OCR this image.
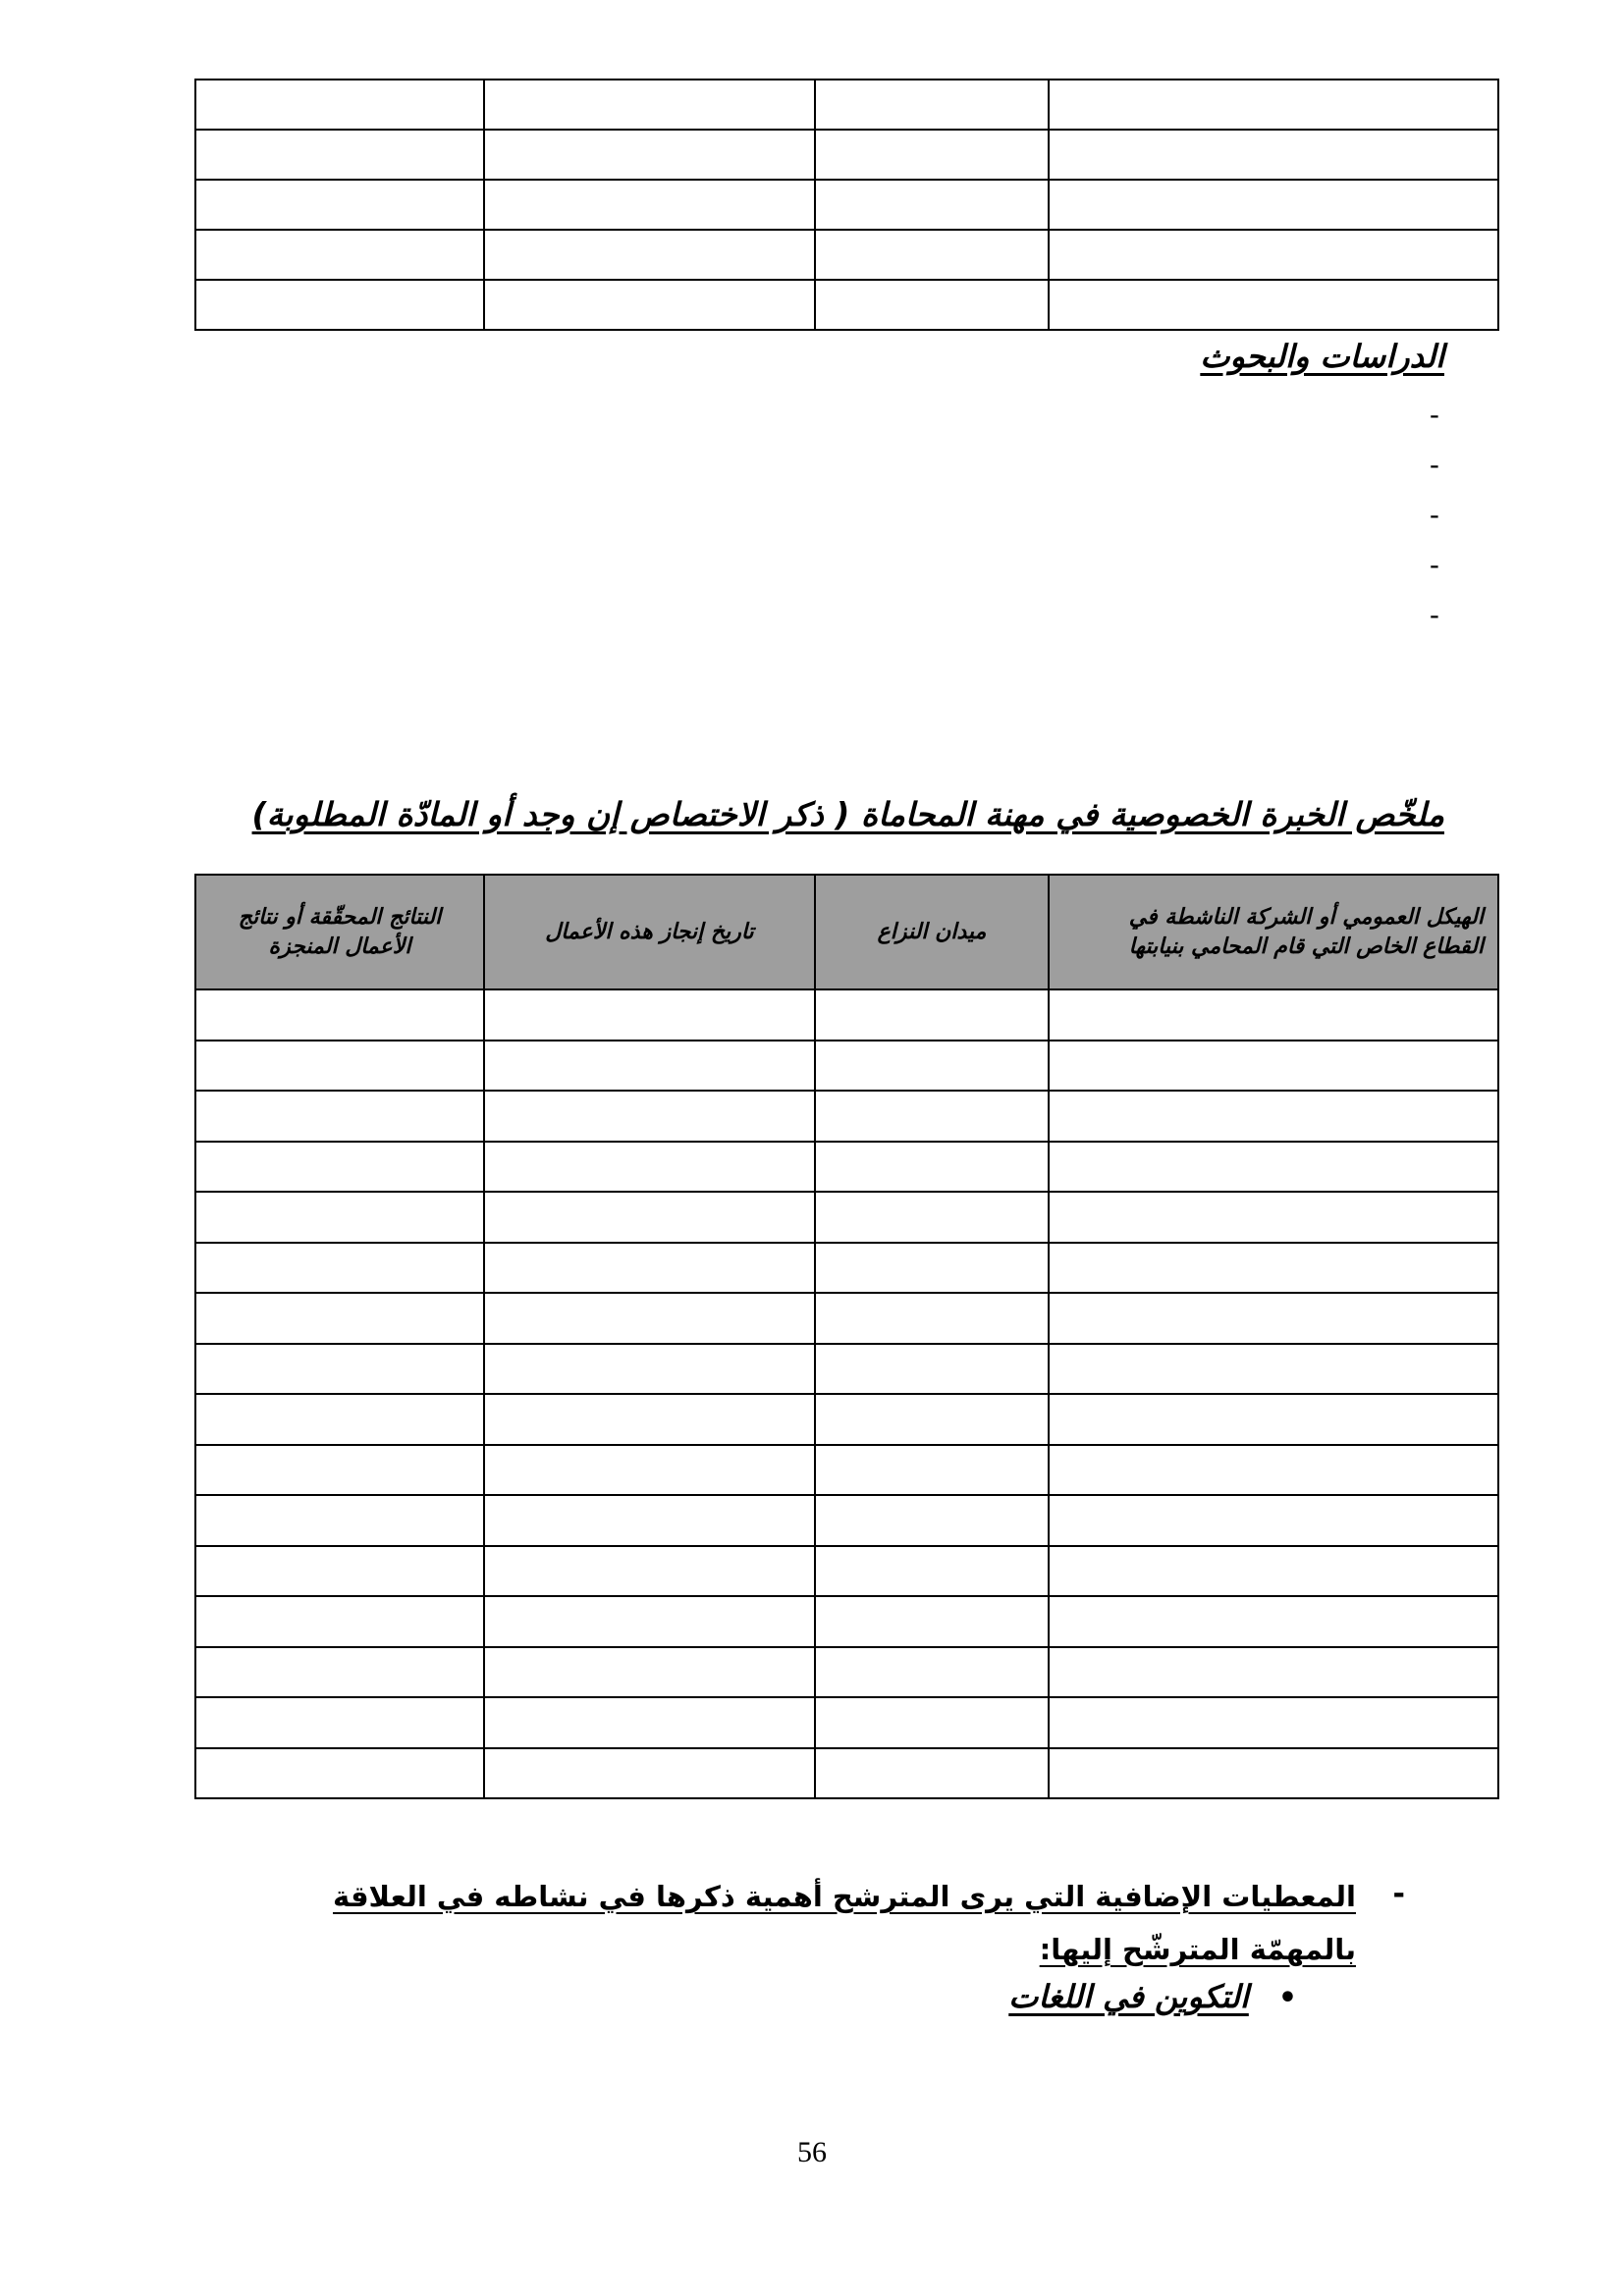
الدراسات والبحوث
-
-
-
-
-
ملخّص الخبرة الخصوصية في مهنة المحاماة ( ذكر الاختصاص إن وجد أو المادّة المطلوبة)
النتائج المحقّقة أو نتائج الأعمال المنجزة	تاريخ إنجاز هذه الأعمال	ميدان النزاع	الهيكل العمومي أو الشركة الناشطة في القطاع الخاص التي قام المحامي بنيابتها

-
المعطيات الإضافية التي يرى المترشح أهمية ذكرها في نشاطه في العلاقة بالمهمّة المترشّح إليها:
•التكوين في اللغات
56
